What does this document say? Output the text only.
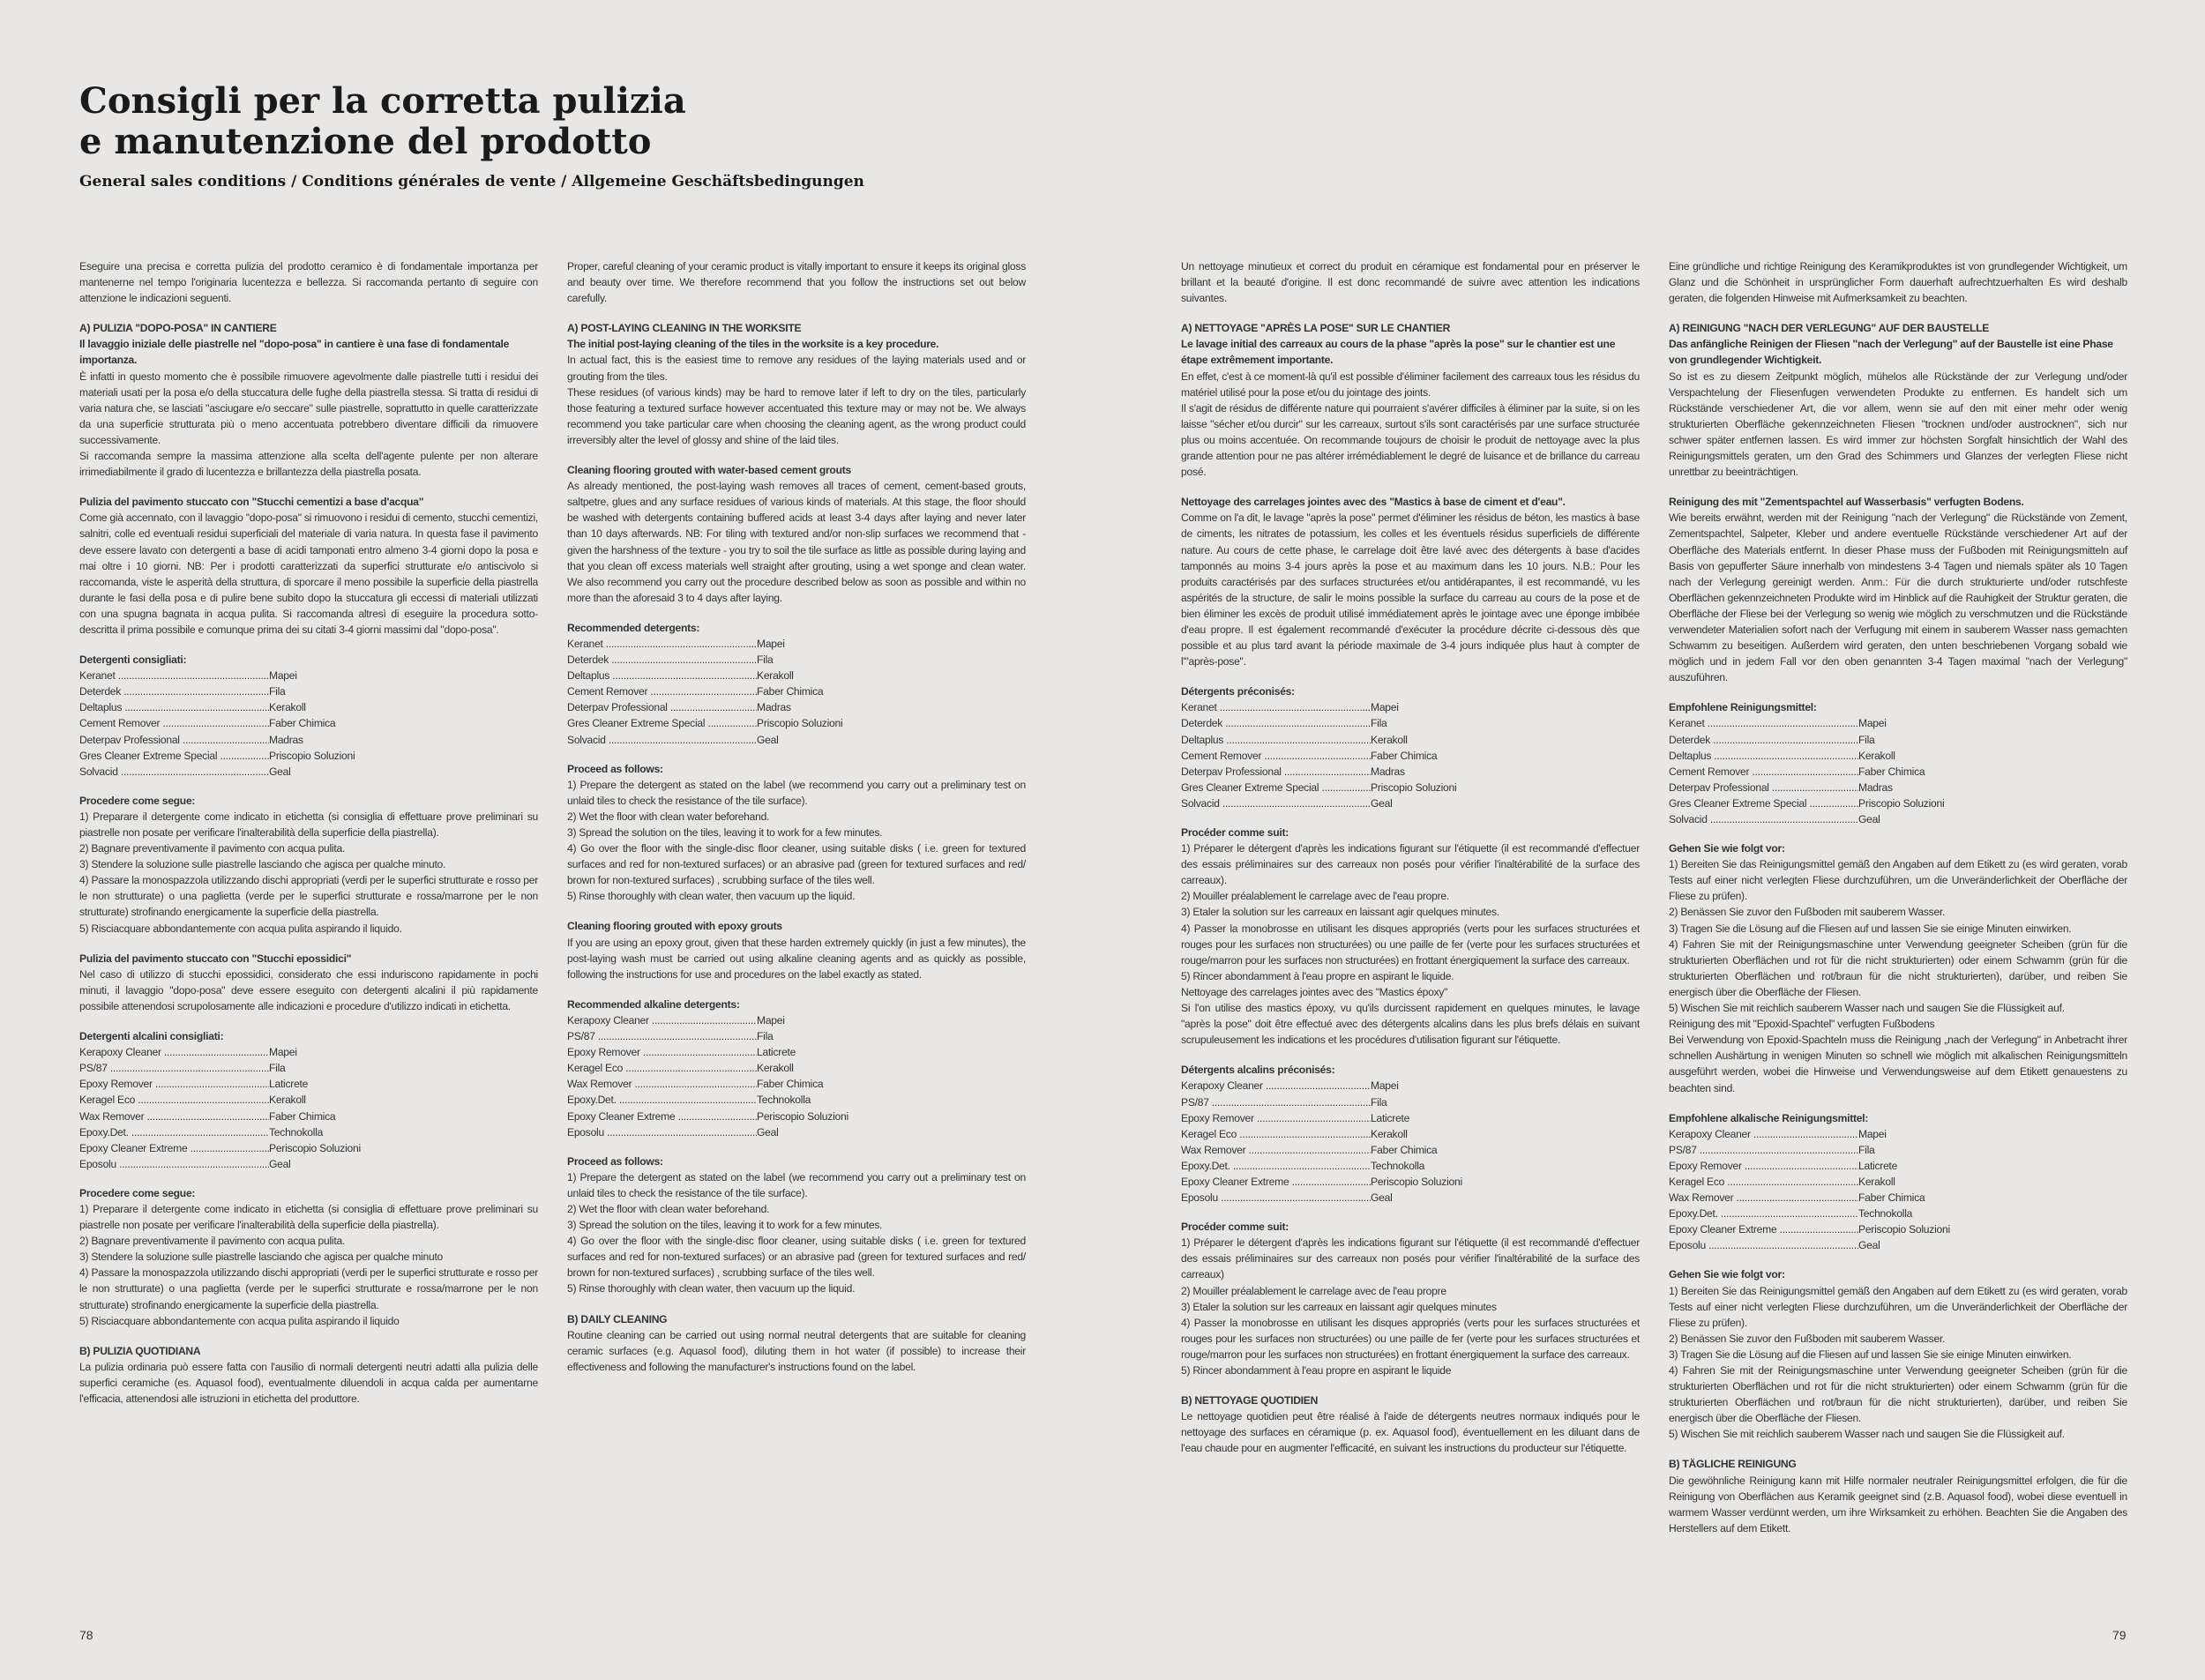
Consigli per la corretta pulizia
e manutenzione del prodotto
General sales conditions / Conditions générales de vente / Allgemeine Geschäftsbedingungen
Eseguire una precisa e corretta pulizia del prodotto ceramico è di fondamentale importanza per mantenerne nel tempo l'originaria lucentezza e bellezza. Si raccomanda pertanto di seguire con attenzione le indicazioni seguenti.
A) PULIZIA "DOPO-POSA" IN CANTIERE
Il lavaggio iniziale delle piastrelle nel "dopo-posa" in cantiere è una fase di fondamentale importanza.
È infatti in questo momento che è possibile rimuovere agevolmente dalle piastrelle tutti i residui dei materiali usati per la posa e/o della stuccatura delle fughe della piastrella stessa. Si tratta di residui di varia natura che, se lasciati "asciugare e/o seccare" sulle piastrelle, soprattutto in quelle caratterizzate da una superficie strutturata più o meno accentuata potrebbero diventare difficili da rimuovere successivamente.
Si raccomanda sempre la massima attenzione alla scelta dell'agente pulente per non alterare irrimediabilmente il grado di lucentezza e brillantezza della piastrella posata.
Pulizia del pavimento stuccato con "Stucchi cementizi a base d'acqua"
Come già accennato, con il lavaggio "dopo-posa" si rimuovono i residui di cemento, stucchi cementizi, salnitri, colle ed eventuali residui superficiali del materiale di varia natura. In questa fase il pavimento deve essere lavato con detergenti a base di acidi tamponati entro almeno 3-4 giorni dopo la posa e mai oltre i 10 giorni. NB: Per i prodotti caratterizzati da superfici strutturate e/o antiscivolo si raccomanda, viste le asperità della struttura, di sporcare il meno possibile la superficie della piastrella durante le fasi della posa e di pulire bene subito dopo la stuccatura gli eccessi di materiali utilizzati con una spugna bagnata in acqua pulita. Si raccomanda altresì di eseguire la procedura sotto-descritta il prima possibile e comunque prima dei su citati 3-4 giorni massimi dal "dopo-posa".
Detergenti consigliati:
Keranet .....	Mapei
Deterdek .....	Fila
Deltaplus .....	Kerakoll
Cement Remover .....	Faber Chimica
Deterpav Professional .....	Madras
Gres Cleaner Extreme Special .....	Priscopio Soluzioni
Solvacid .....	Geal
Procedere come segue:
1) Preparare il detergente come indicato in etichetta (si consiglia di effettuare prove preliminari su piastrelle non posate per verificare l'inalterabilità della superficie della piastrella).
2) Bagnare preventivamente il pavimento con acqua pulita.
3) Stendere la soluzione sulle piastrelle lasciando che agisca per qualche minuto.
4) Passare la monospazzola utilizzando dischi appropriati (verdi per le superfici strutturate e rosso per le non strutturate) o una paglietta (verde per le superfici strutturate e rossa/marrone per le non strutturate) strofinando energicamente la superficie della piastrella.
5) Risciacquare abbondantemente con acqua pulita aspirando il liquido.
Pulizia del pavimento stuccato con "Stucchi epossidici"
Nel caso di utilizzo di stucchi epossidici, considerato che essi induriscono rapidamente in pochi minuti, il lavaggio "dopo-posa" deve essere eseguito con detergenti alcalini il più rapidamente possibile attenendosi scrupolosamente alle indicazioni e procedure d'utilizzo indicati in etichetta.
Detergenti alcalini consigliati:
Kerapoxy Cleaner .....	Mapei
PS/87 .....	Fila
Epoxy Remover .....	Laticrete
Keragel Eco .....	Kerakoll
Wax Remover .....	Faber Chimica
Epoxy.Det. .....	Technokolla
Epoxy Cleaner Extreme .....	Periscopio Soluzioni
Eposolu .....	Geal
Procedere come segue:
1) Preparare il detergente come indicato in etichetta (si consiglia di effettuare prove preliminari su piastrelle non posate per verificare l'inalterabilità della superficie della piastrella).
2) Bagnare preventivamente il pavimento con acqua pulita.
3) Stendere la soluzione sulle piastrelle lasciando che agisca per qualche minuto
4) Passare la monospazzola utilizzando dischi appropriati (verdi per le superfici strutturate e rosso per le non strutturate) o una paglietta (verde per le superfici strutturate e rossa/marrone per le non strutturate) strofinando energicamente la superficie della piastrella.
5) Risciacquare abbondantemente con acqua pulita aspirando il liquido
B) PULIZIA QUOTIDIANA
La pulizia ordinaria può essere fatta con l'ausilio di normali detergenti neutri adatti alla pulizia delle superfici ceramiche (es. Aquasol food), eventualmente diluendoli in acqua calda per aumentarne l'efficacia, attenendosi alle istruzioni in etichetta del produttore.
Proper, careful cleaning of your ceramic product is vitally important to ensure it keeps its original gloss and beauty over time. We therefore recommend that you follow the instructions set out below carefully.
A) POST-LAYING CLEANING IN THE WORKSITE
The initial post-laying cleaning of the tiles in the worksite is a key procedure.
In actual fact, this is the easiest time to remove any residues of the laying materials used and or grouting from the tiles.
These residues (of various kinds) may be hard to remove later if left to dry on the tiles, particularly those featuring a textured surface however accentuated this texture may or may not be. We always recommend you take particular care when choosing the cleaning agent, as the wrong product could irreversibly alter the level of glossy and shine of the laid tiles.
Cleaning flooring grouted with water-based cement grouts
As already mentioned, the post-laying wash removes all traces of cement, cement-based grouts, saltpetre, glues and any surface residues of various kinds of materials. At this stage, the floor should be washed with detergents containing buffered acids at least 3-4 days after laying and never later than 10 days afterwards. NB: For tiling with textured and/or non-slip surfaces we recommend that - given the harshness of the texture - you try to soil the tile surface as little as possible during laying and that you clean off excess materials well straight after grouting, using a wet sponge and clean water. We also recommend you carry out the procedure described below as soon as possible and within no more than the aforesaid 3 to 4 days after laying.
Recommended detergents:
Keranet .....	Mapei
Deterdek .....	Fila
Deltaplus .....	Kerakoll
Cement Remover .....	Faber Chimica
Deterpav Professional .....	Madras
Gres Cleaner Extreme Special .....	Priscopio Soluzioni
Solvacid .....	Geal
Proceed as follows:
1) Prepare the detergent as stated on the label (we recommend you carry out a preliminary test on unlaid tiles to check the resistance of the tile surface).
2) Wet the floor with clean water beforehand.
3) Spread the solution on the tiles, leaving it to work for a few minutes.
4) Go over the floor with the single-disc floor cleaner, using suitable disks ( i.e. green for textured surfaces and red for non-textured surfaces) or an abrasive pad (green for textured surfaces and red/ brown for non-textured surfaces) , scrubbing surface of the tiles well.
5) Rinse thoroughly with clean water, then vacuum up the liquid.
Cleaning flooring grouted with epoxy grouts
If you are using an epoxy grout, given that these harden extremely quickly (in just a few minutes), the post-laying wash must be carried out using alkaline cleaning agents and as quickly as possible, following the instructions for use and procedures on the label exactly as stated.
Recommended alkaline detergents:
Kerapoxy Cleaner .....	Mapei
PS/87 .....	Fila
Epoxy Remover .....	Laticrete
Keragel Eco .....	Kerakoll
Wax Remover .....	Faber Chimica
Epoxy.Det. .....	Technokolla
Epoxy Cleaner Extreme .....	Periscopio Soluzioni
Eposolu .....	Geal
Proceed as follows:
1) Prepare the detergent as stated on the label (we recommend you carry out a preliminary test on unlaid tiles to check the resistance of the tile surface).
2) Wet the floor with clean water beforehand.
3) Spread the solution on the tiles, leaving it to work for a few minutes.
4) Go over the floor with the single-disc floor cleaner, using suitable disks ( i.e. green for textured surfaces and red for non-textured surfaces) or an abrasive pad (green for textured surfaces and red/ brown for non-textured surfaces) , scrubbing surface of the tiles well.
5) Rinse thoroughly with clean water, then vacuum up the liquid.
B) DAILY CLEANING
Routine cleaning can be carried out using normal neutral detergents that are suitable for cleaning ceramic surfaces (e.g. Aquasol food), diluting them in hot water (if possible) to increase their effectiveness and following the manufacturer's instructions found on the label.
Un nettoyage minutieux et correct du produit en céramique est fondamental pour en préserver le brillant et la beauté d'origine. Il est donc recommandé de suivre avec attention les indications suivantes.
A) NETTOYAGE "APRÈS LA POSE" SUR LE CHANTIER
Le lavage initial des carreaux au cours de la phase "après la pose" sur le chantier est une étape extrêmement importante.
En effet, c'est à ce moment-là qu'il est possible d'éliminer facilement des carreaux tous les résidus du matériel utilisé pour la pose et/ou du jointage des joints.
Il s'agit de résidus de différente nature qui pourraient s'avérer difficiles à éliminer par la suite, si on les laisse "sécher et/ou durcir" sur les carreaux, surtout s'ils sont caractérisés par une surface structurée plus ou moins accentuée. On recommande toujours de choisir le produit de nettoyage avec la plus grande attention pour ne pas altérer irrémédiablement le degré de luisance et de brillance du carreau posé.
Nettoyage des carrelages jointes avec des "Mastics à base de ciment et d'eau".
Comme on l'a dit, le lavage "après la pose" permet d'éliminer les résidus de béton, les mastics à base de ciments, les nitrates de potassium, les colles et les éventuels résidus superficiels de différente nature. Au cours de cette phase, le carrelage doit être lavé avec des détergents à base d'acides tamponnés au moins 3-4 jours après la pose et au maximum dans les 10 jours. N.B.: Pour les produits caractérisés par des surfaces structurées et/ou antidérapantes, il est recommandé, vu les aspérités de la structure, de salir le moins possible la surface du carreau au cours de la pose et de bien éliminer les excès de produit utilisé immédiatement après le jointage avec une éponge imbibée d'eau propre. Il est également recommandé d'exécuter la procédure décrite ci-dessous dès que possible et au plus tard avant la période maximale de 3-4 jours indiquée plus haut à compter de l'"après-pose".
Détergents préconisés:
Keranet .....	Mapei
Deterdek .....	Fila
Deltaplus .....	Kerakoll
Cement Remover .....	Faber Chimica
Deterpav Professional .....	Madras
Gres Cleaner Extreme Special .....	Priscopio Soluzioni
Solvacid .....	Geal
Procéder comme suit:
1) Préparer le détergent d'après les indications figurant sur l'étiquette (il est recommandé d'effectuer des essais préliminaires sur des carreaux non posés pour vérifier l'inaltérabilité de la surface des carreaux).
2) Mouiller préalablement le carrelage avec de l'eau propre.
3) Etaler la solution sur les carreaux en laissant agir quelques minutes.
4) Passer la monobrosse en utilisant les disques appropriés (verts pour les surfaces structurées et rouges pour les surfaces non structurées) ou une paille de fer (verte pour les surfaces structurées et rouge/marron pour les surfaces non structurées) en frottant énergiquement la surface des carreaux.
5) Rincer abondamment à l'eau propre en aspirant le liquide.
Nettoyage des carrelages jointes avec des "Mastics époxy"
Si l'on utilise des mastics époxy, vu qu'ils durcissent rapidement en quelques minutes, le lavage "après la pose" doit être effectué avec des détergents alcalins dans les plus brefs délais en suivant scrupuleusement les indications et les procédures d'utilisation figurant sur l'étiquette.
Détergents alcalins préconisés:
Kerapoxy Cleaner .....	Mapei
PS/87 .....	Fila
Epoxy Remover .....	Laticrete
Keragel Eco .....	Kerakoll
Wax Remover .....	Faber Chimica
Epoxy.Det. .....	Technokolla
Epoxy Cleaner Extreme .....	Periscopio Soluzioni
Eposolu .....	Geal
Procéder comme suit:
1) Préparer le détergent d'après les indications figurant sur l'étiquette (il est recommandé d'effectuer des essais préliminaires sur des carreaux non posés pour vérifier l'inaltérabilité de la surface des carreaux)
2) Mouiller préalablement le carrelage avec de l'eau propre
3) Etaler la solution sur les carreaux en laissant agir quelques minutes
4) Passer la monobrosse en utilisant les disques appropriés (verts pour les surfaces structurées et rouges pour les surfaces non structurées) ou une paille de fer (verte pour les surfaces structurées et rouge/marron pour les surfaces non structurées) en frottant énergiquement la surface des carreaux.
5) Rincer abondamment à l'eau propre en aspirant le liquide
B) NETTOYAGE QUOTIDIEN
Le nettoyage quotidien peut être réalisé à l'aide de détergents neutres normaux indiqués pour le nettoyage des surfaces en céramique (p. ex. Aquasol food), éventuellement en les diluant dans de l'eau chaude pour en augmenter l'efficacité, en suivant les instructions du producteur sur l'étiquette.
Eine gründliche und richtige Reinigung des Keramikproduktes ist von grundlegender Wichtigkeit, um Glanz und die Schönheit in ursprünglicher Form dauerhaft aufrechtzuerhalten Es wird deshalb geraten, die folgenden Hinweise mit Aufmerksamkeit zu beachten.
A) REINIGUNG "NACH DER VERLEGUNG" AUF DER BAUSTELLE
Das anfängliche Reinigen der Fliesen "nach der Verlegung" auf der Baustelle ist eine Phase von grundlegender Wichtigkeit.
So ist es zu diesem Zeitpunkt möglich, mühelos alle Rückstände der zur Verlegung und/oder Verspachtelung der Fliesenfugen verwendeten Produkte zu entfernen. Es handelt sich um Rückstände verschiedener Art, die vor allem, wenn sie auf den mit einer mehr oder wenig strukturierten Oberfläche gekennzeichneten Fliesen "trocknen und/oder austrocknen", sich nur schwer später entfernen lassen. Es wird immer zur höchsten Sorgfalt hinsichtlich der Wahl des Reinigungsmittels geraten, um den Grad des Schimmers und Glanzes der verlegten Fliese nicht unrettbar zu beeinträchtigen.
Reinigung des mit "Zementspachtel auf Wasserbasis" verfugten Bodens.
Wie bereits erwähnt, werden mit der Reinigung "nach der Verlegung" die Rückstände von Zement, Zementspachtel, Salpeter, Kleber und andere eventuelle Rückstände verschiedener Art auf der Oberfläche des Materials entfernt. In dieser Phase muss der Fußboden mit Reinigungsmitteln auf Basis von gepufferter Säure innerhalb von mindestens 3-4 Tagen und niemals später als 10 Tagen nach der Verlegung gereinigt werden. Anm.: Für die durch strukturierte und/oder rutschfeste Oberflächen gekennzeichneten Produkte wird im Hinblick auf die Rauhigkeit der Struktur geraten, die Oberfläche der Fliese bei der Verlegung so wenig wie möglich zu verschmutzen und die Rückstände verwendeter Materialien sofort nach der Verfugung mit einem in sauberem Wasser nass gemachten Schwamm zu beseitigen. Außerdem wird geraten, den unten beschriebenen Vorgang sobald wie möglich und in jedem Fall vor den oben genannten 3-4 Tagen maximal "nach der Verlegung" auszuführen.
Empfohlene Reinigungsmittel:
Keranet .....	Mapei
Deterdek .....	Fila
Deltaplus .....	Kerakoll
Cement Remover .....	Faber Chimica
Deterpav Professional .....	Madras
Gres Cleaner Extreme Special .....	Priscopio Soluzioni
Solvacid .....	Geal
Gehen Sie wie folgt vor:
1) Bereiten Sie das Reinigungsmittel gemäß den Angaben auf dem Etikett zu (es wird geraten, vorab Tests auf einer nicht verlegten Fliese durchzuführen, um die Unveränderlichkeit der Oberfläche der Fliese zu prüfen).
2) Benässen Sie zuvor den Fußboden mit sauberem Wasser.
3) Tragen Sie die Lösung auf die Fliesen auf und lassen Sie sie einige Minuten einwirken.
4) Fahren Sie mit der Reinigungsmaschine unter Verwendung geeigneter Scheiben (grün für die strukturierten Oberflächen und rot für die nicht strukturierten) oder einem Schwamm (grün für die strukturierten Oberflächen und rot/braun für die nicht strukturierten), darüber, und reiben Sie energisch über die Oberfläche der Fliesen.
5) Wischen Sie mit reichlich sauberem Wasser nach und saugen Sie die Flüssigkeit auf.
Reinigung des mit "Epoxid-Spachtel" verfugten Fußbodens
Bei Verwendung von Epoxid-Spachteln muss die Reinigung „nach der Verlegung" in Anbetracht ihrer schnellen Aushärtung in wenigen Minuten so schnell wie möglich mit alkalischen Reinigungsmitteln ausgeführt werden, wobei die Hinweise und Verwendungsweise auf dem Etikett genauestens zu beachten sind.
Empfohlene alkalische Reinigungsmittel:
Kerapoxy Cleaner .....	Mapei
PS/87 .....	Fila
Epoxy Remover .....	Laticrete
Keragel Eco .....	Kerakoll
Wax Remover .....	Faber Chimica
Epoxy.Det. .....	Technokolla
Epoxy Cleaner Extreme .....	Periscopio Soluzioni
Eposolu .....	Geal
Gehen Sie wie folgt vor:
1) Bereiten Sie das Reinigungsmittel gemäß den Angaben auf dem Etikett zu (es wird geraten, vorab Tests auf einer nicht verlegten Fliese durchzuführen, um die Unveränderlichkeit der Oberfläche der Fliese zu prüfen).
2) Benässen Sie zuvor den Fußboden mit sauberem Wasser.
3) Tragen Sie die Lösung auf die Fliesen auf und lassen Sie sie einige Minuten einwirken.
4) Fahren Sie mit der Reinigungsmaschine unter Verwendung geeigneter Scheiben (grün für die strukturierten Oberflächen und rot für die nicht strukturierten) oder einem Schwamm (grün für die strukturierten Oberflächen und rot/braun für die nicht strukturierten), darüber, und reiben Sie energisch über die Oberfläche der Fliesen.
5) Wischen Sie mit reichlich sauberem Wasser nach und saugen Sie die Flüssigkeit auf.
B) TÄGLICHE REINIGUNG
Die gewöhnliche Reinigung kann mit Hilfe normaler neutraler Reinigungsmittel erfolgen, die für die Reinigung von Oberflächen aus Keramik geeignet sind (z.B. Aquasol food), wobei diese eventuell in warmem Wasser verdünnt werden, um ihre Wirksamkeit zu erhöhen. Beachten Sie die Angaben des Herstellers auf dem Etikett.
78	79
